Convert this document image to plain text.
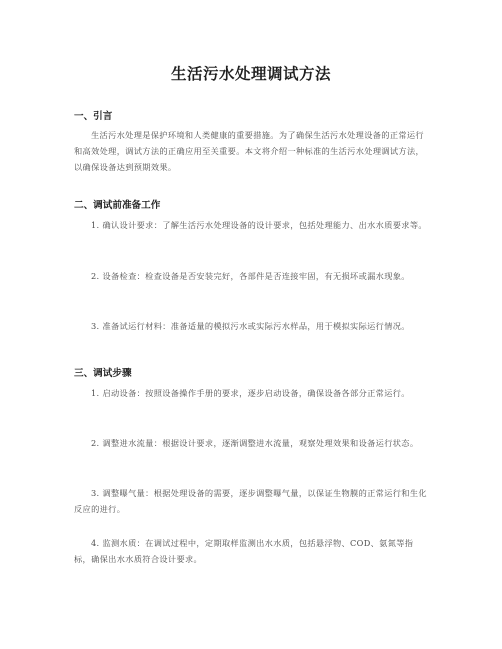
生活污水处理调试方法
一、引言
生活污水处理是保护环境和人类健康的重要措施。为了确保生活污水处理设备的正常运行和高效处理，调试方法的正确应用至关重要。本文将介绍一种标准的生活污水处理调试方法，以确保设备达到预期效果。
二、调试前准备工作
1. 确认设计要求：了解生活污水处理设备的设计要求，包括处理能力、出水水质要求等。
2. 设备检查：检查设备是否安装完好，各部件是否连接牢固，有无损坏或漏水现象。
3. 准备试运行材料：准备适量的模拟污水或实际污水样品，用于模拟实际运行情况。
三、调试步骤
1. 启动设备：按照设备操作手册的要求，逐步启动设备，确保设备各部分正常运行。
2. 调整进水流量：根据设计要求，逐渐调整进水流量，观察处理效果和设备运行状态。
3. 调整曝气量：根据处理设备的需要，逐步调整曝气量，以保证生物膜的正常运行和生化反应的进行。
4. 监测水质：在调试过程中，定期取样监测出水水质，包括悬浮物、COD、氨氮等指标，确保出水水质符合设计要求。
